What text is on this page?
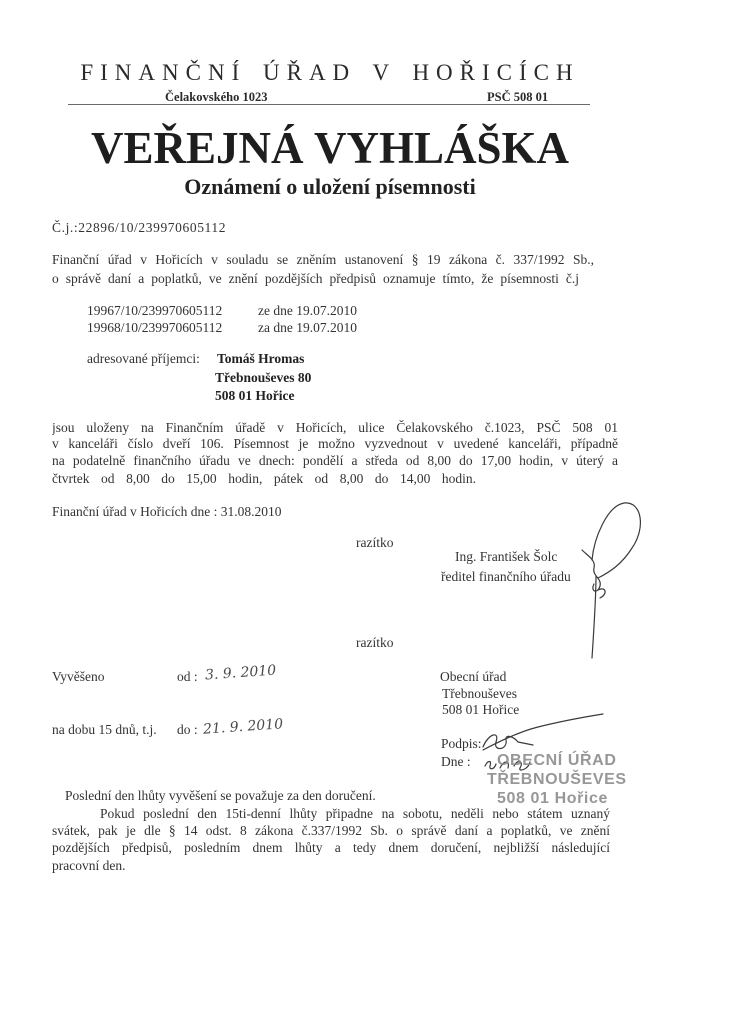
FINANČNÍ ÚŘAD V HOŘICÍCH
Čelakovského 1023	PSČ 508 01
VEŘEJNÁ VYHLÁŠKA
Oznámení o uložení písemnosti
Č.j.:22896/10/239970605112
Finanční úřad v Hořicích v souladu se zněním ustanovení § 19 zákona č. 337/1992 Sb.,
o správě daní a poplatků, ve znění pozdějších předpisů oznamuje tímto, že písemnosti č.j
19967/10/239970605112	ze dne 19.07.2010
19968/10/239970605112	za dne 19.07.2010
adresované příjemci: Tomáš Hromas
Třebnouševes 80
508 01 Hořice
jsou uloženy na Finančním úřadě v Hořicích, ulice Čelakovského č.1023, PSČ 508 01
v kanceláři číslo dveří 106. Písemnost je možno vyzvednout v uvedené kanceláři, případně
na podatelně finančního úřadu ve dnech: pondělí a středa od 8,00 do 17,00 hodin, v úterý a
čtvrtek od 8,00 do 15,00 hodin, pátek od 8,00 do 14,00 hodin.
Finanční úřad v Hořicích dne : 31.08.2010
razítko
Ing. František Šolc
ředitel finančního úřadu
razítko
Vyvěšeno	od : 3. 9. 2010
na dobu 15 dnů, t.j. do : 21. 9. 2010
Obecní úřad
Třebnouševes
508 01 Hořice
Podpis:
Dne : OBECNÍ ÚŘAD
TŘEBNOUŠEVES
508 01 Hořice
Poslední den lhůty vyvěšení se považuje za den doručení.
Pokud poslední den 15ti-denní lhůty připadne na sobotu, neděli nebo státem uznaný
svátek, pak je dle § 14 odst. 8 zákona č.337/1992 Sb. o správě daní a poplatků, ve znění
pozdějších předpisů, posledním dnem lhůty a tedy dnem doručení, nejbližší následující
pracovní den.
